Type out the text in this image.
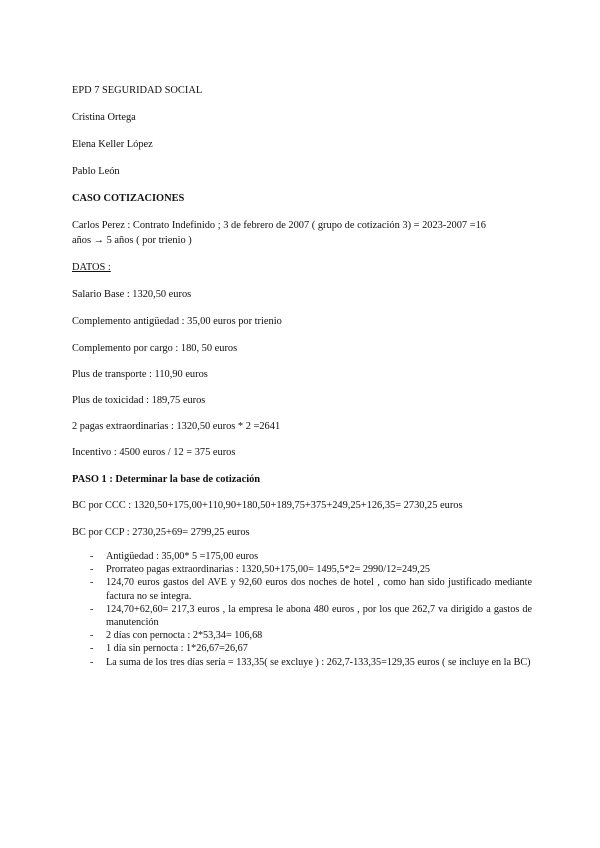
EPD 7 SEGURIDAD SOCIAL
Cristina Ortega
Elena Keller López
Pablo León
CASO COTIZACIONES
Carlos Perez : Contrato Indefinido ; 3 de febrero de 2007 ( grupo de cotización 3) = 2023-2007 =16
años → 5 años ( por trienio )
DATOS :
Salario Base : 1320,50 euros
Complemento antigüedad : 35,00 euros por trienio
Complemento por cargo : 180, 50 euros
Plus de transporte : 110,90 euros
Plus de toxicidad : 189,75 euros
2 pagas extraordinarias : 1320,50 euros * 2 =2641
Incentivo : 4500 euros / 12 = 375 euros
PASO 1 : Determinar la base de cotización
BC por CCC : 1320,50+175,00+110,90+180,50+189,75+375+249,25+126,35= 2730,25 euros
BC por CCP : 2730,25+69= 2799,25 euros
- Antigüedad : 35,00* 5 =175,00 euros
- Prorrateo pagas extraordinarias : 1320,50+175,00= 1495,5*2= 2990/12=249,25
- 124,70 euros gastos del AVE y 92,60 euros dos noches de hotel , como han sido justificado mediante factura no se integra.
- 124,70+62,60= 217,3 euros , la empresa le abona 480 euros , por los que 262,7 va dirigido a gastos de manutención
- 2 días con pernocta : 2*53,34= 106,68
- 1 día sin pernocta : 1*26,67=26,67
- La suma de los tres días sería = 133,35( se excluye ) : 262,7-133,35=129,35 euros ( se incluye en la BC)
